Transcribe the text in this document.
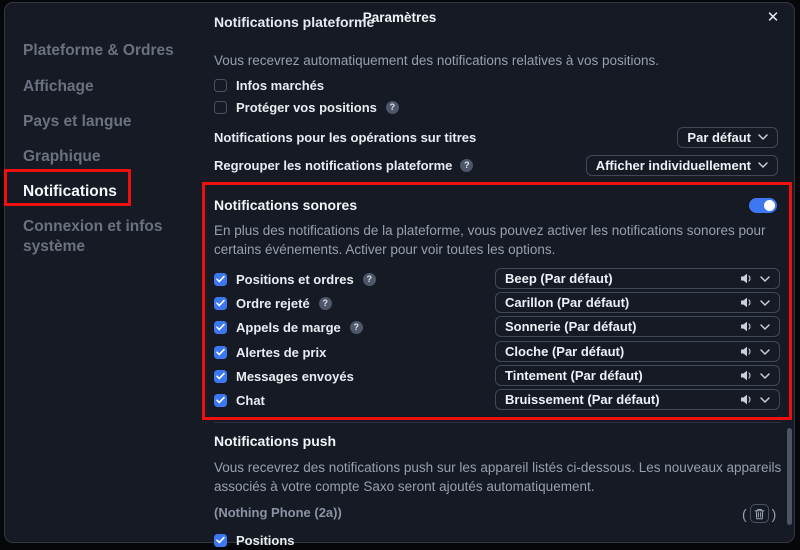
Paramètres	✕
Plateforme & Ordres
Affichage
Pays et langue
Graphique
Notifications
Connexion et infos système
Notifications plateforme
Vous recevrez automatiquement des notifications relatives à vos positions.
Infos marchés
Protéger vos positions	?
Notifications pour les opérations sur titres	Par défaut
Regrouper les notifications plateforme	?	Afficher individuellement
Notifications sonores
En plus des notifications de la plateforme, vous pouvez activer les notifications sonores pour certains événements. Activer pour voir toutes les options.
Positions et ordres	?	Beep (Par défaut)
Ordre rejeté	?	Carillon (Par défaut)
Appels de marge	?	Sonnerie (Par défaut)
Alertes de prix	Cloche (Par défaut)
Messages envoyés	Tintement (Par défaut)
Chat	Bruissement (Par défaut)
Notifications push
Vous recevrez des notifications push sur les appareil listés ci-dessous. Les nouveaux appareils associés à votre compte Saxo seront ajoutés automatiquement.
(Nothing Phone (2a))	( )
Positions
